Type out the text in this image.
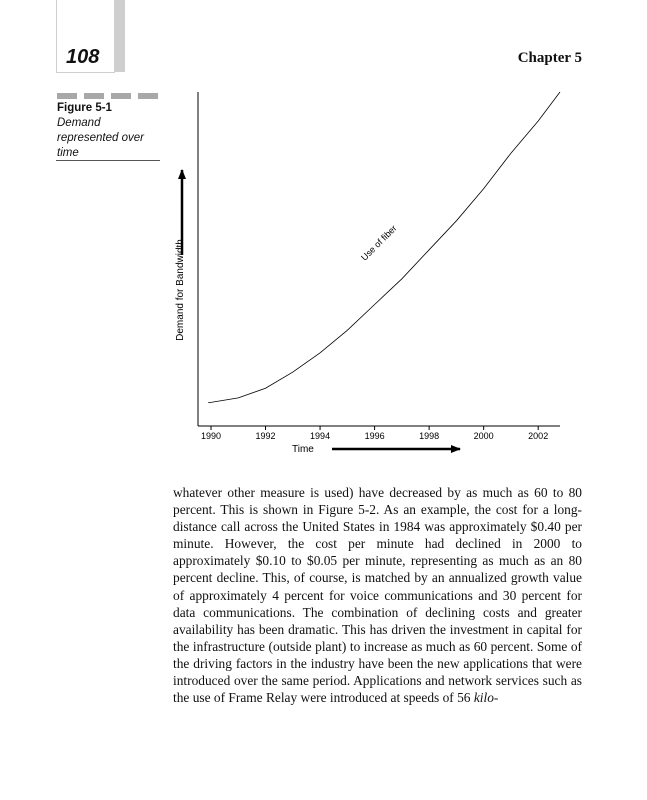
108	Chapter 5
Figure 5-1
Demand represented over time
1990	1992	1994	1996	1998	2000	2002
Demand for Bandwidth
Time
Use of fiber
whatever other measure is used) have decreased by as much as 60 to 80 percent. This is shown in Figure 5-2. As an example, the cost for a long-distance call across the United States in 1984 was approximately $0.40 per minute. However, the cost per minute had declined in 2000 to approximately $0.10 to $0.05 per minute, representing as much as an 80 percent decline. This, of course, is matched by an annualized growth value of approximately 4 percent for voice communications and 30 percent for data communications. The combination of declining costs and greater availability has been dramatic. This has driven the investment in capital for the infrastructure (outside plant) to increase as much as 60 percent. Some of the driving factors in the industry have been the new applications that were introduced over the same period. Applications and network services such as the use of Frame Relay were introduced at speeds of 56 kilo-
